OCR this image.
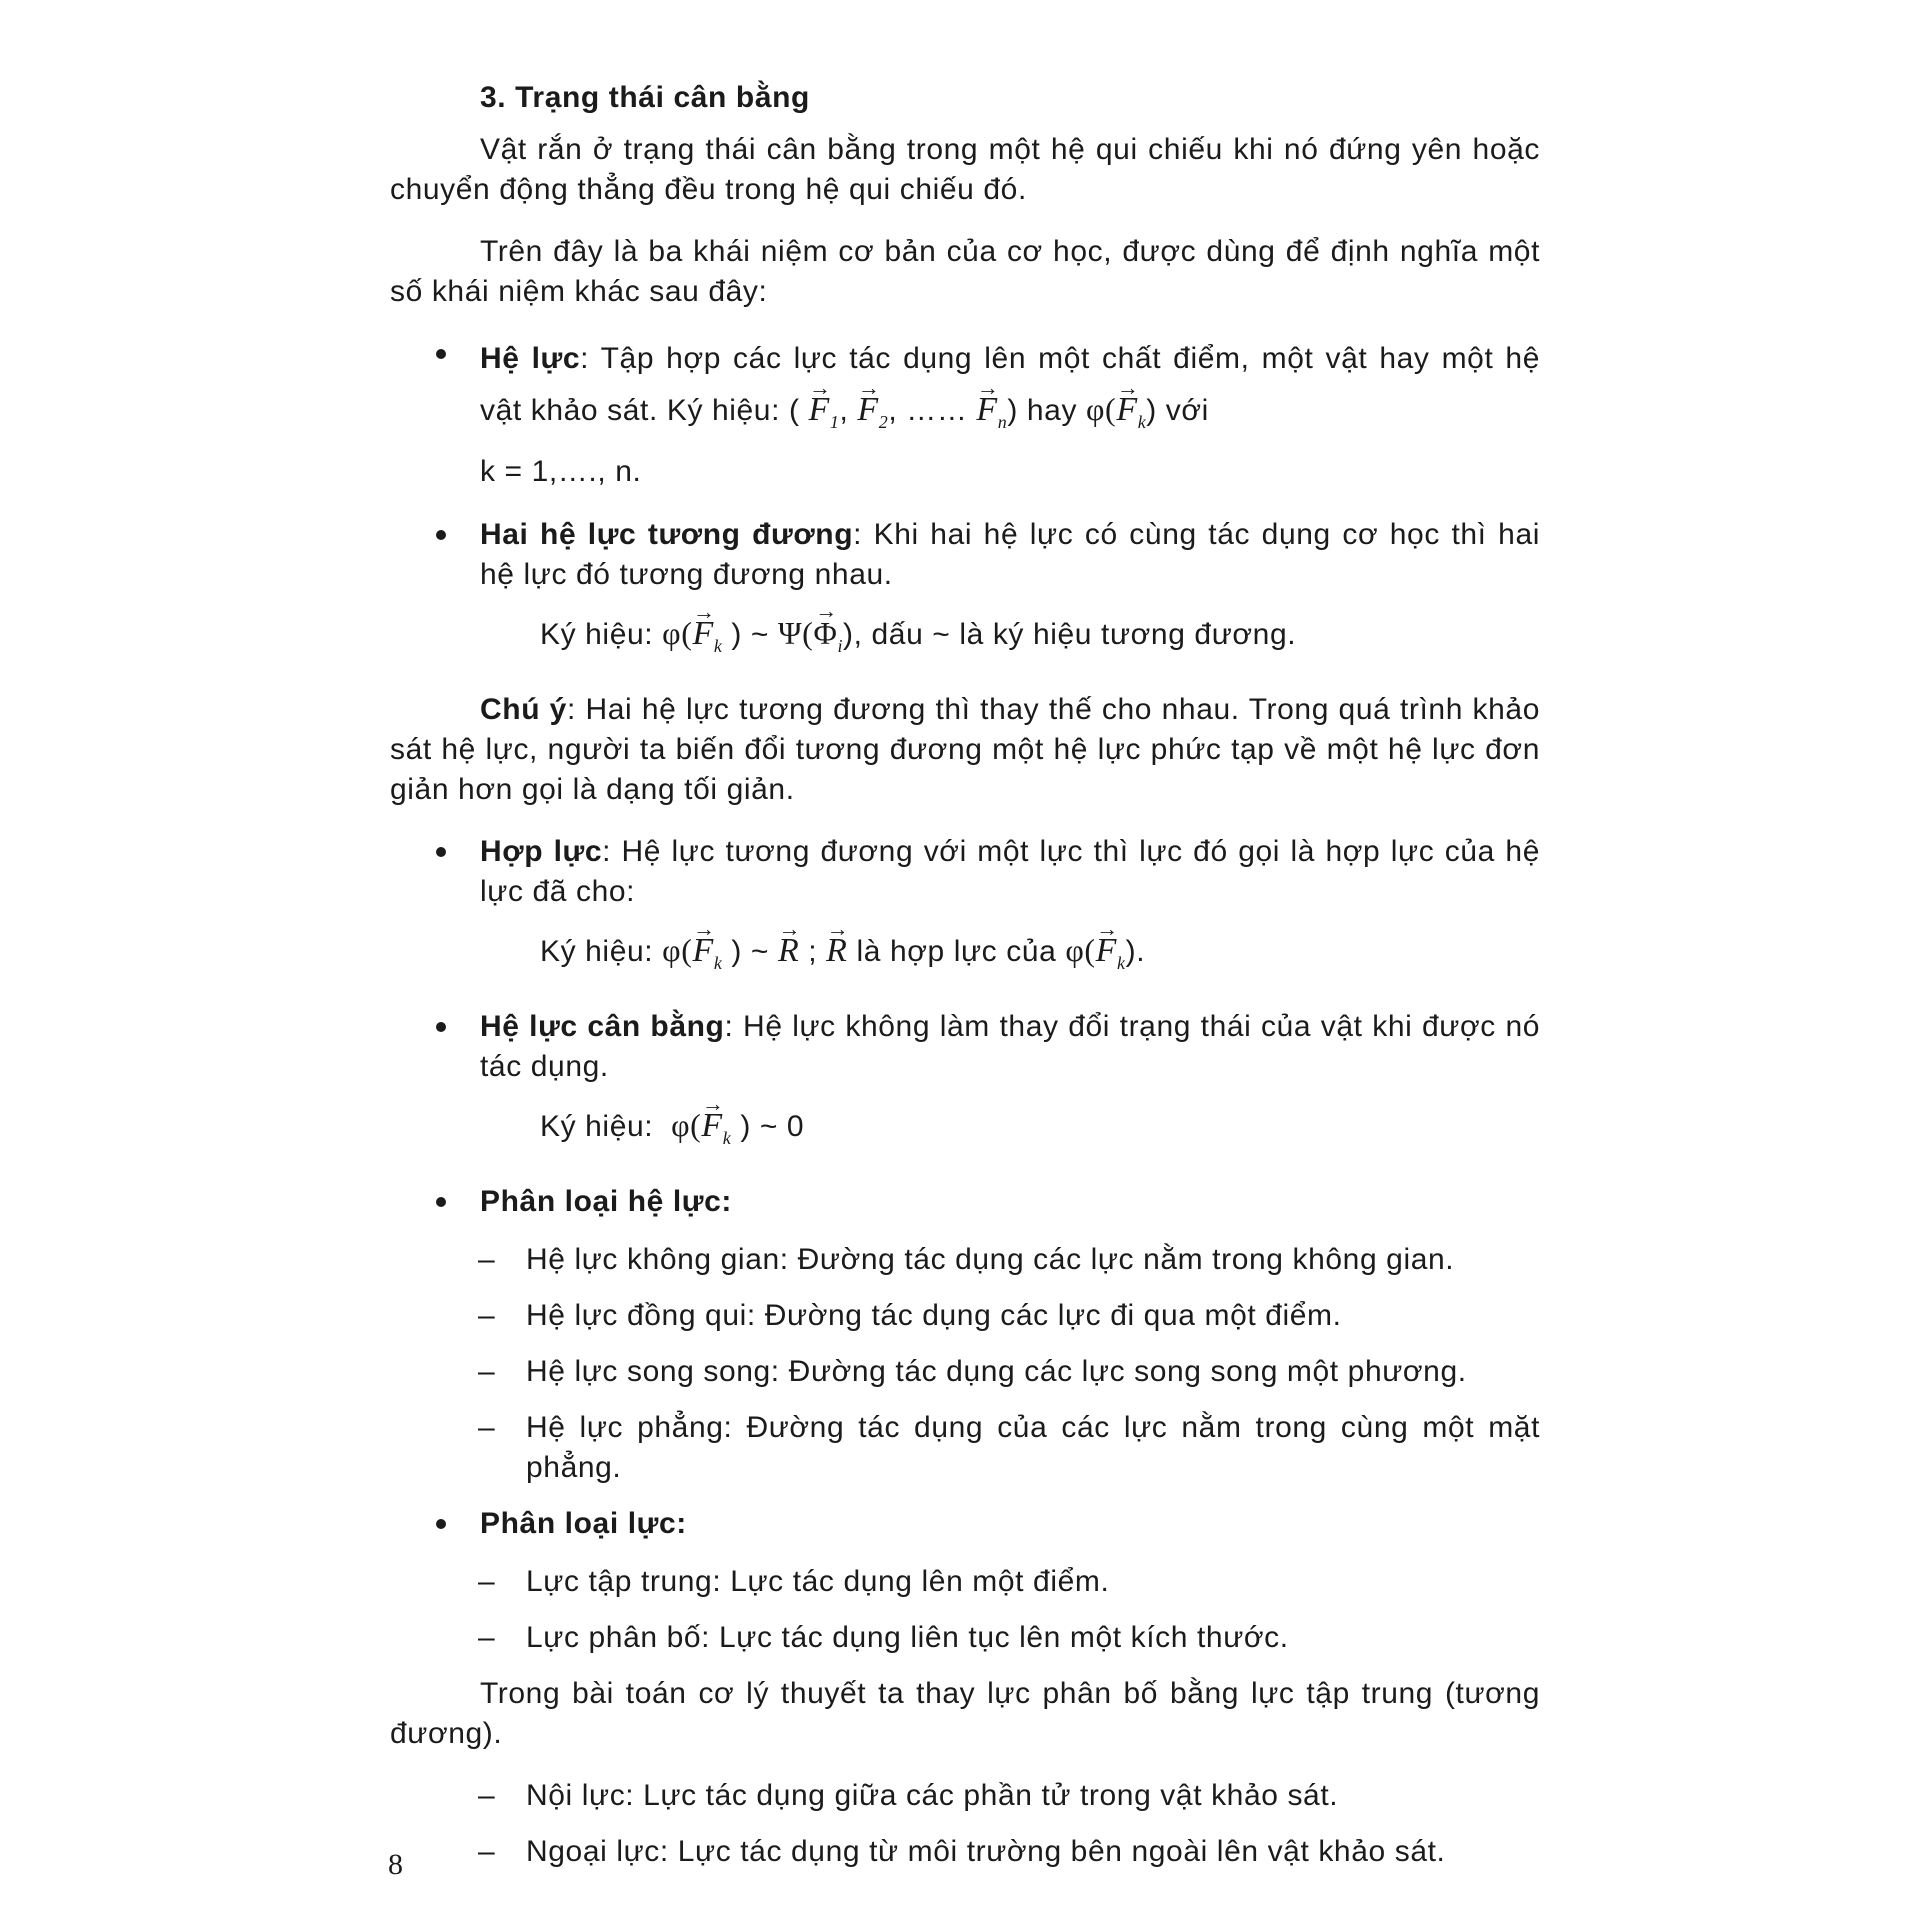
3. Trạng thái cân bằng

Vật rắn ở trạng thái cân bằng trong một hệ qui chiếu khi nó đứng yên hoặc chuyển động thẳng đều trong hệ qui chiếu đó.

Trên đây là ba khái niệm cơ bản của cơ học, được dùng để định nghĩa một số khái niệm khác sau đây:

Hệ lực: Tập hợp các lực tác dụng lên một chất điểm, một vật hay một hệ vật khảo sát. Ký hiệu: ( → $F_1$, → $F_2$, …… → $F_n$) hay $\varphi(\to F_k)$ với
k = 1,…., n.
Hai hệ lực tương đương: Khi hai hệ lực có cùng tác dụng cơ học thì hai hệ lực đó tương đương nhau.
Ký hiệu: $\varphi(\to F_k$ ) ~ $\Psi(\to \Phi_i)$, dấu ~ là ký hiệu tương đương.

Chú ý: Hai hệ lực tương đương thì thay thế cho nhau. Trong quá trình khảo sát hệ lực, người ta biến đổi tương đương một hệ lực phức tạp về một hệ lực đơn giản hơn gọi là dạng tối giản.

Hợp lực: Hệ lực tương đương với một lực thì lực đó gọi là hợp lực của hệ lực đã cho:
Ký hiệu: $\varphi(\to F_k$ ) ~ → R ; → R là hợp lực của $\varphi(\to F_k)$.
Hệ lực cân bằng: Hệ lực không làm thay đổi trạng thái của vật khi được nó tác dụng.
Ký hiệu: $\varphi(\to F_k$ ) ~ 0
Phân loại hệ lực:
– Hệ lực không gian: Đường tác dụng các lực nằm trong không gian.
– Hệ lực đồng qui: Đường tác dụng các lực đi qua một điểm.
– Hệ lực song song: Đường tác dụng các lực song song một phương.
– Hệ lực phẳng: Đường tác dụng của các lực nằm trong cùng một mặt phẳng.
Phân loại lực:
– Lực tập trung: Lực tác dụng lên một điểm.
– Lực phân bố: Lực tác dụng liên tục lên một kích thước.

Trong bài toán cơ lý thuyết ta thay lực phân bố bằng lực tập trung (tương đương).

– Nội lực: Lực tác dụng giữa các phần tử trong vật khảo sát.
– Ngoại lực: Lực tác dụng từ môi trường bên ngoài lên vật khảo sát.
8
